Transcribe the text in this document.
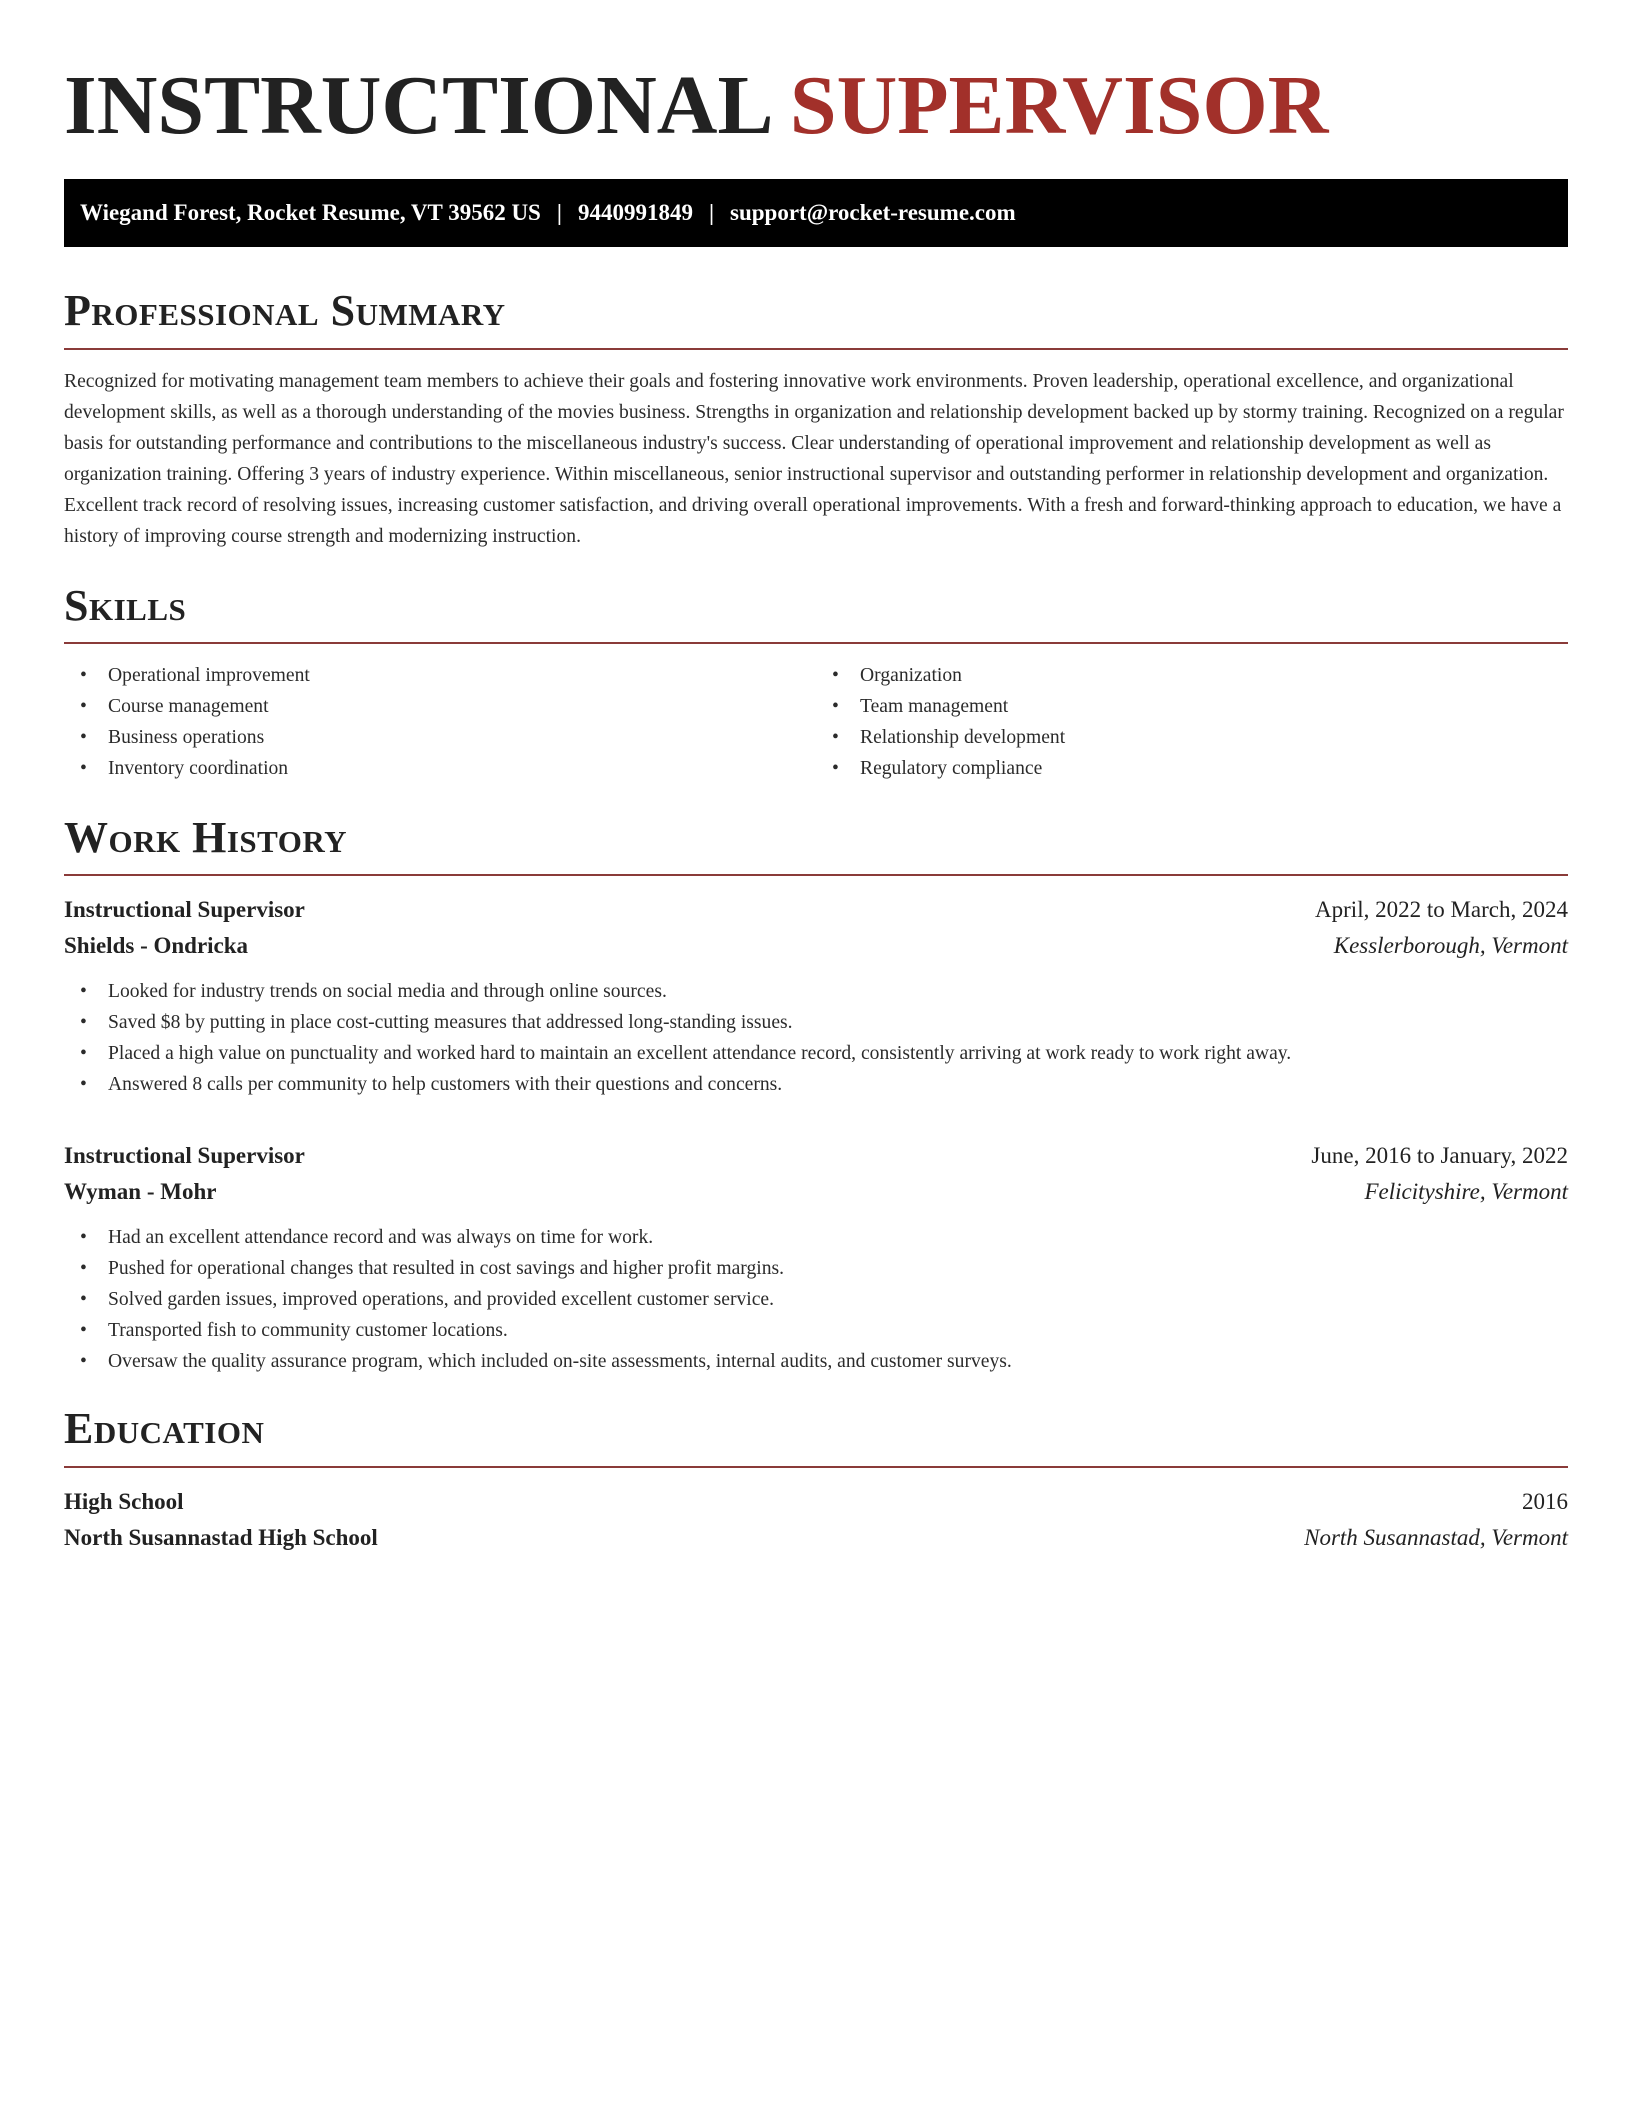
INSTRUCTIONAL SUPERVISOR
Wiegand Forest, Rocket Resume, VT 39562 US | 9440991849 | support@rocket-resume.com
Professional Summary

Recognized for motivating management team members to achieve their goals and fostering innovative work environments. Proven leadership, operational excellence, and organizational development skills, as well as a thorough understanding of the movies business. Strengths in organization and relationship development backed up by stormy training. Recognized on a regular basis for outstanding performance and contributions to the miscellaneous industry's success. Clear understanding of operational improvement and relationship development as well as organization training. Offering 3 years of industry experience. Within miscellaneous, senior instructional supervisor and outstanding performer in relationship development and organization. Excellent track record of resolving issues, increasing customer satisfaction, and driving overall operational improvements. With a fresh and forward-thinking approach to education, we have a history of improving course strength and modernizing instruction.

Skills
• Operational improvement
• Course management
• Business operations
• Inventory coordination
• Organization
• Team management
• Relationship development
• Regulatory compliance
Work History
Instructional Supervisor	April, 2022 to March, 2024
Shields - Ondricka	Kesslerborough, Vermont
• Looked for industry trends on social media and through online sources.
• Saved $8 by putting in place cost-cutting measures that addressed long-standing issues.
• Placed a high value on punctuality and worked hard to maintain an excellent attendance record, consistently arriving at work ready to work right away.
• Answered 8 calls per community to help customers with their questions and concerns.
Instructional Supervisor	June, 2016 to January, 2022
Wyman - Mohr	Felicityshire, Vermont
• Had an excellent attendance record and was always on time for work.
• Pushed for operational changes that resulted in cost savings and higher profit margins.
• Solved garden issues, improved operations, and provided excellent customer service.
• Transported fish to community customer locations.
• Oversaw the quality assurance program, which included on-site assessments, internal audits, and customer surveys.
Education
High School	2016
North Susannastad High School	North Susannastad, Vermont
